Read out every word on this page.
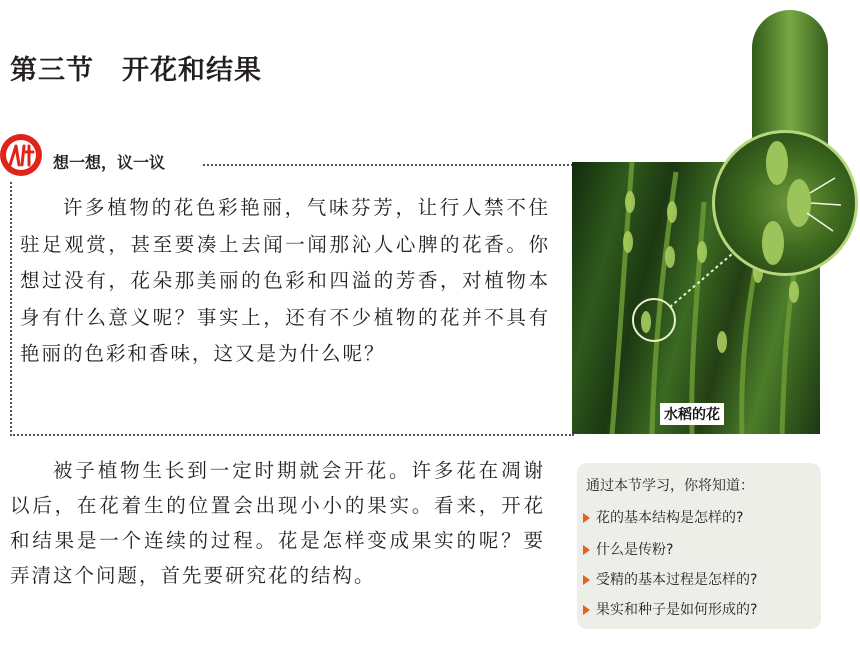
第三节　开花和结果
想一想，议一议
许多植物的花色彩艳丽，气味芬芳，让行人禁不住驻足观赏，甚至要凑上去闻一闻那沁人心脾的花香。你想过没有，花朵那美丽的色彩和四溢的芳香，对植物本身有什么意义呢？事实上，还有不少植物的花并不具有艳丽的色彩和香味，这又是为什么呢？
水稻的花
被子植物生长到一定时期就会开花。许多花在凋谢以后，在花着生的位置会出现小小的果实。看来，开花和结果是一个连续的过程。花是怎样变成果实的呢？要弄清这个问题，首先要研究花的结构。
通过本节学习，你将知道：
花的基本结构是怎样的?
什么是传粉?
受精的基本过程是怎样的?
果实和种子是如何形成的?
